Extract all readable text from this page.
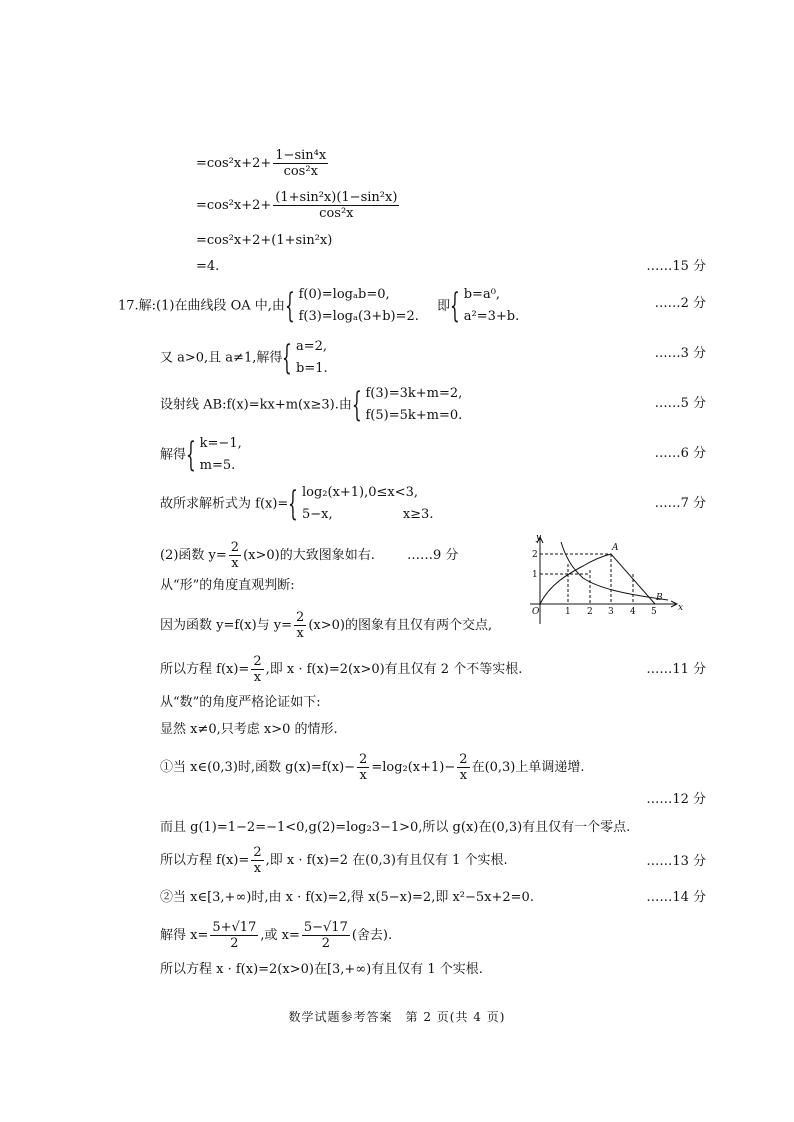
$=\cos^2x+2+ \frac{\text{1−sin⁴x}}{\text{cos²x}}$
$=\cos^2x+2+ \frac{\text{(1+sin²x)(1−sin²x)}}{\text{cos²x}}$
=cos²x+2+(1+sin²x)
=4.	……15 分
17.解:(1)在曲线段 OA 中,由{ f(0)=logₐb=0,
f(3)=logₐ(3+b)=2.
即{ b=a⁰,
a²=3+b.
……2 分
又 a>0,且 a≠1,解得{ a=2,
b=1.
……3 分
设射线 AB:f(x)=kx+m(x≥3).由{ f(3)=3k+m=2,
f(5)=5k+m=0.
……5 分
解得{ k=−1,
m=5.
……6 分
故所求解析式为 f(x)={ log₂(x+1),0≤x<3,
5−x,                 x≥3.
……7 分
(2)函数 $y= \frac{2}{x} (x>0)$的大致图象如右. ……9 分
从“形”的角度直观判断:
因为函数 y=f(x)与 $y= \frac{2}{x} (x>0)$的图象有且仅有两个交点,
y
x
O
A
B
1 2 3 4 5
1
2
所以方程 $f(x)= \frac{2}{x}$ ,即 x · f(x)=2(x>0)有且仅有 2 个不等实根.	……11 分
从“数”的角度严格论证如下:
显然 x≠0,只考虑 x>0 的情形.
①当 x∈(0,3)时,函数 $g(x)=f(x)- \frac{2}{x} =\log_2(x+1)- \frac{2}{x}$ 在(0,3)上单调递增.
……12 分
而且 g(1)=1−2=−1<0,g(2)=log₂3−1>0,所以 g(x)在(0,3)有且仅有一个零点.
所以方程 $f(x)= \frac{2}{x}$ ,即 x · f(x)=2 在(0,3)有且仅有 1 个实根.	……13 分
②当 x∈[3,+∞)时,由 x · f(x)=2,得 x(5−x)=2,即 x²−5x+2=0.	……14 分
解得 $x= \frac{5+√17}{2}$ ,或 $x= \frac{5-√17}{2}$ (舍去).
所以方程 x · f(x)=2(x>0)在[3,+∞)有且仅有 1 个实根.
数学试题参考答案　第 2 页(共 4 页)
